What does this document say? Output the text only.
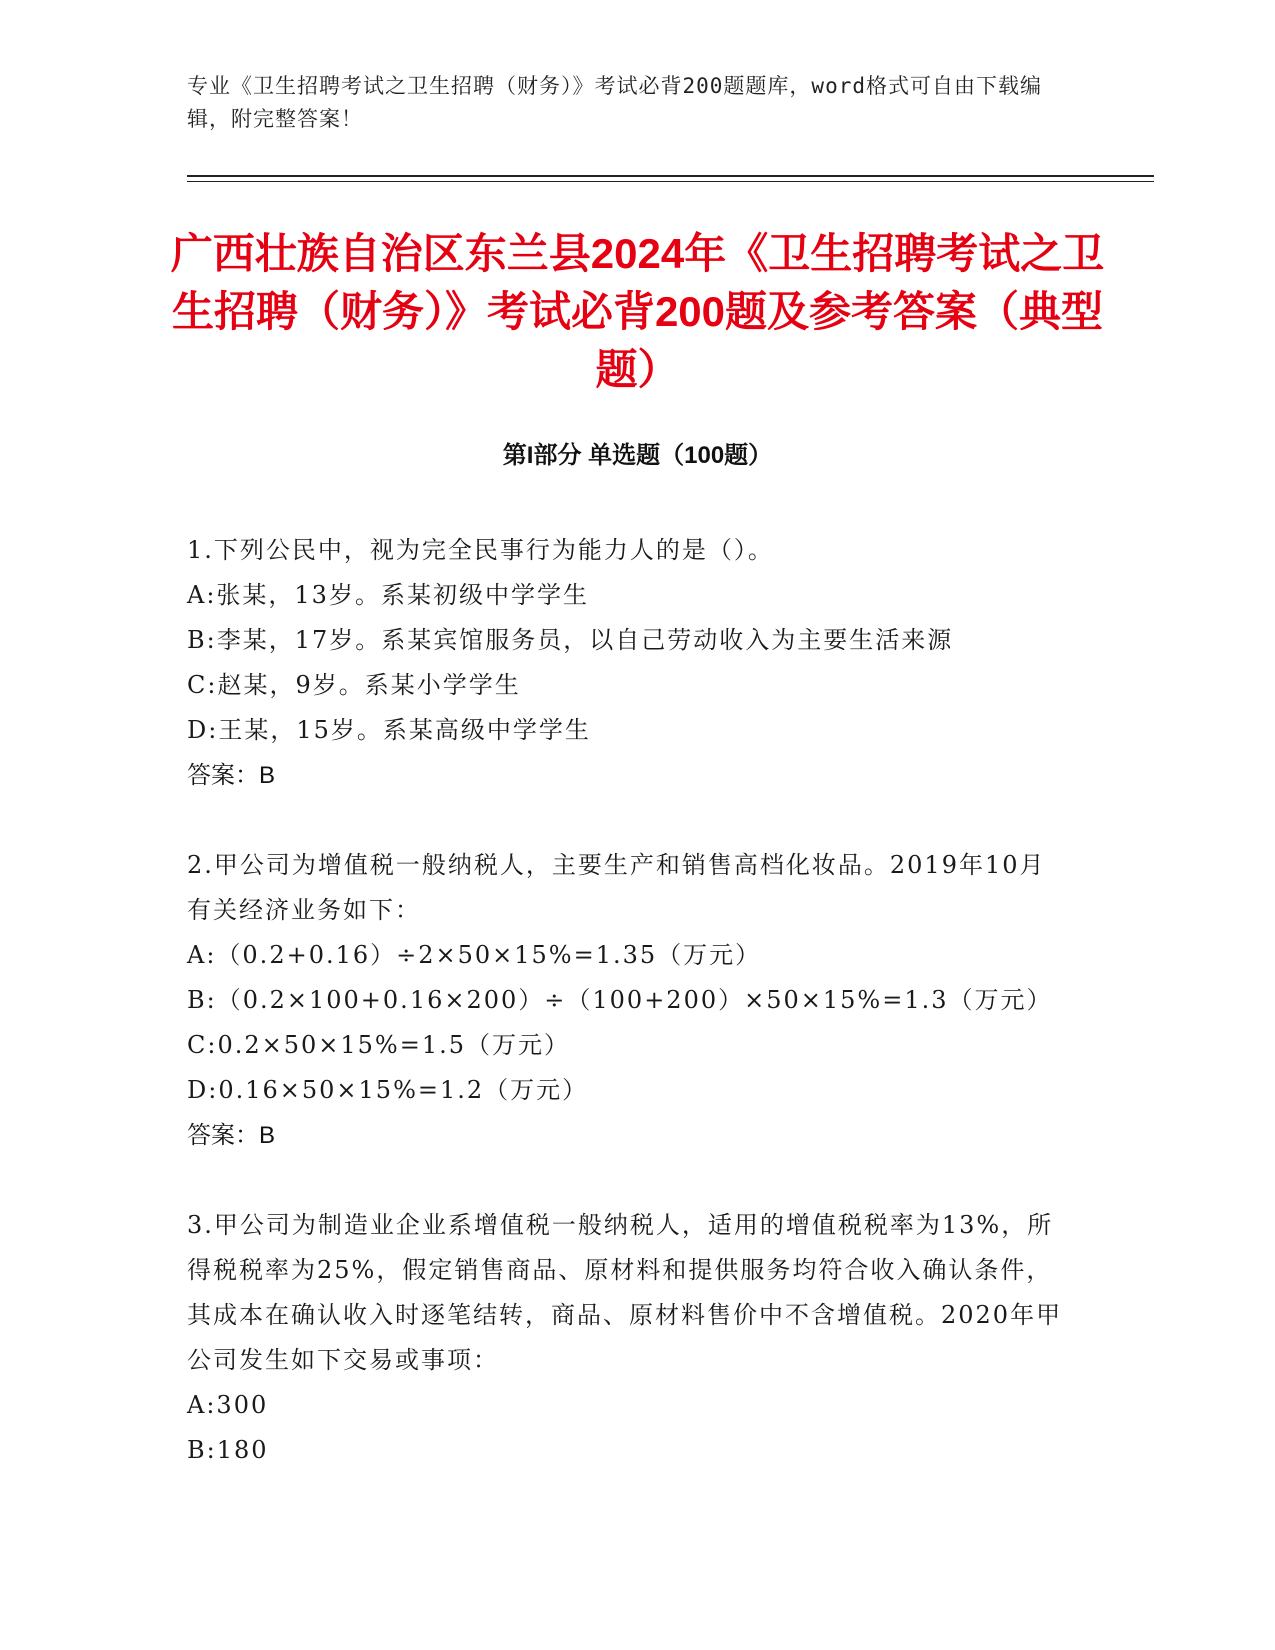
专业《卫生招聘考试之卫生招聘（财务）》考试必背200题题库，word格式可自由下载编辑，附完整答案！
广西壮族自治区东兰县2024年《卫生招聘考试之卫生招聘（财务）》考试必背200题及参考答案（典型题）
第I部分 单选题（100题）
1.下列公民中，视为完全民事行为能力人的是（）。
A:张某，13岁。系某初级中学学生
B:李某，17岁。系某宾馆服务员，以自己劳动收入为主要生活来源
C:赵某，9岁。系某小学学生
D:王某，15岁。系某高级中学学生
答案：B
2.甲公司为增值税一般纳税人，主要生产和销售高档化妆品。2019年10月有关经济业务如下：
A:（0.2+0.16）÷2×50×15%=1.35（万元）
B:（0.2×100+0.16×200）÷（100+200）×50×15%=1.3（万元）
C:0.2×50×15%=1.5（万元）
D:0.16×50×15%=1.2（万元）
答案：B
3.甲公司为制造业企业系增值税一般纳税人，适用的增值税税率为13%，所得税税率为25%，假定销售商品、原材料和提供服务均符合收入确认条件，其成本在确认收入时逐笔结转，商品、原材料售价中不含增值税。2020年甲公司发生如下交易或事项：
A:300
B:180
